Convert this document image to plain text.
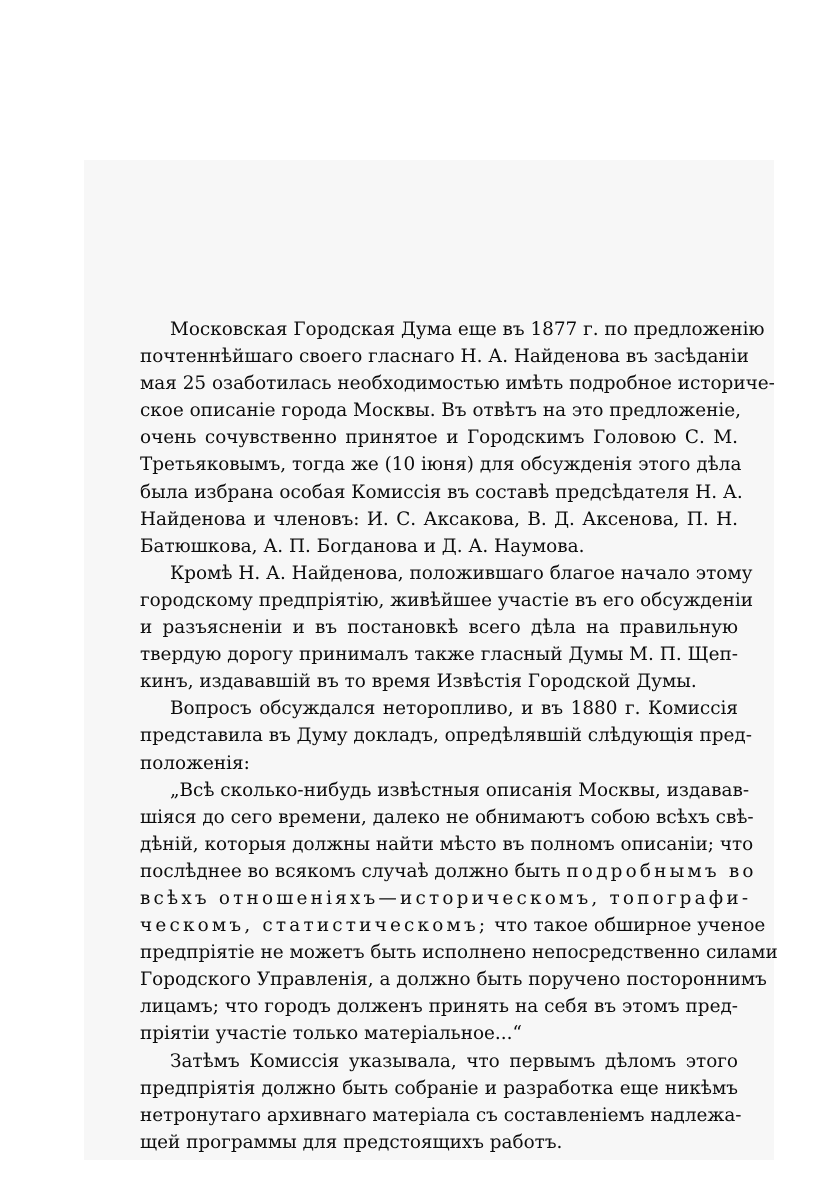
Московская Городская Дума еще въ 1877 г. по предложенію
почтеннѣйшаго своего гласнаго Н. А. Найденова въ засѣданіи
мая 25 озаботилась необходимостью имѣть подробное историче-
ское описаніе города Москвы. Въ отвѣтъ на это предложеніе,
очень сочувственно принятое и Городскимъ Головою С. М.
Третьяковымъ, тогда же (10 іюня) для обсужденія этого дѣла
была избрана особая Комиссія въ составѣ предсѣдателя Н. А.
Найденова и членовъ: И. С. Аксакова, В. Д. Аксенова, П. Н.
Батюшкова, А. П. Богданова и Д. А. Наумова.

Кромѣ Н. А. Найденова, положившаго благое начало этому
городскому предпріятію, живѣйшее участіе въ его обсужденіи
и разъясненіи и въ постановкѣ всего дѣла на правильную
твердую дорогу принималъ также гласный Думы М. П. Щеп-
кинъ, издававшій въ то время Извѣстія Городской Думы.

Вопросъ обсуждался неторопливо, и въ 1880 г. Комиссія
представила въ Думу докладъ, опредѣлявшій слѣдующія пред-
положенія:

„Всѣ сколько-нибудь извѣстныя описанія Москвы, издавав-
шіяся до сего времени, далеко не обнимаютъ собою всѣхъ свѣ-
дѣній, которыя должны найти мѣсто въ полномъ описаніи; что
послѣднее во всякомъ случаѣ должно быть подробнымъ во
всѣхъ отношеніяхъ—историческомъ, топографи-
ческомъ, статистическомъ; что такое обширное ученое
предпріятіе не можетъ быть исполнено непосредственно силами
Городского Управленія, а должно быть поручено постороннимъ
лицамъ; что городъ долженъ принять на себя въ этомъ пред-
пріятіи участіе только матеріальное...“

Затѣмъ Комиссія указывала, что первымъ дѣломъ этого
предпріятія должно быть собраніе и разработка еще никѣмъ
нетронутаго архивнаго матеріала съ составленіемъ надлежа-
щей программы для предстоящихъ работъ.
